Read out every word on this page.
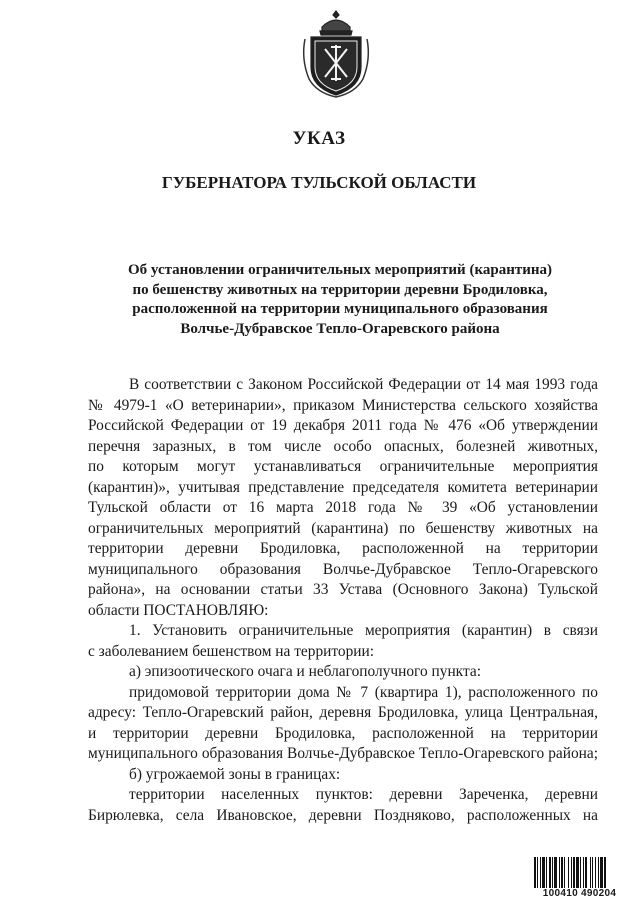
УКАЗ
ГУБЕРНАТОРА ТУЛЬСКОЙ ОБЛАСТИ
Об установлении ограничительных мероприятий (карантина)
по бешенству животных на территории деревни Бродиловка,
расположенной на территории муниципального образования
Волчье-Дубравское Тепло-Огаревского района
В соответствии с Законом Российской Федерации от 14 мая 1993 года
№ 4979-1 «О ветеринарии», приказом Министерства сельского хозяйства
Российской Федерации от 19 декабря 2011 года № 476 «Об утверждении
перечня заразных, в том числе особо опасных, болезней животных,
по которым могут устанавливаться ограничительные мероприятия
(карантин)», учитывая представление председателя комитета ветеринарии
Тульской области от 16 марта 2018 года № 39 «Об установлении
ограничительных мероприятий (карантина) по бешенству животных на
территории деревни Бродиловка, расположенной на территории
муниципального образования Волчье-Дубравское Тепло-Огаревского
района», на основании статьи 33 Устава (Основного Закона) Тульской
области ПОСТАНОВЛЯЮ:
1. Установить ограничительные мероприятия (карантин) в связи
с заболеванием бешенством на территории:
а) эпизоотического очага и неблагополучного пункта:
придомовой территории дома № 7 (квартира 1), расположенного по
адресу: Тепло-Огаревский район, деревня Бродиловка, улица Центральная,
и территории деревни Бродиловка, расположенной на территории
муниципального образования Волчье-Дубравское Тепло-Огаревского района;
б) угрожаемой зоны в границах:
территории населенных пунктов: деревни Зареченка, деревни
Бирюлевка, села Ивановское, деревни Поздняково, расположенных на
100410 490204
